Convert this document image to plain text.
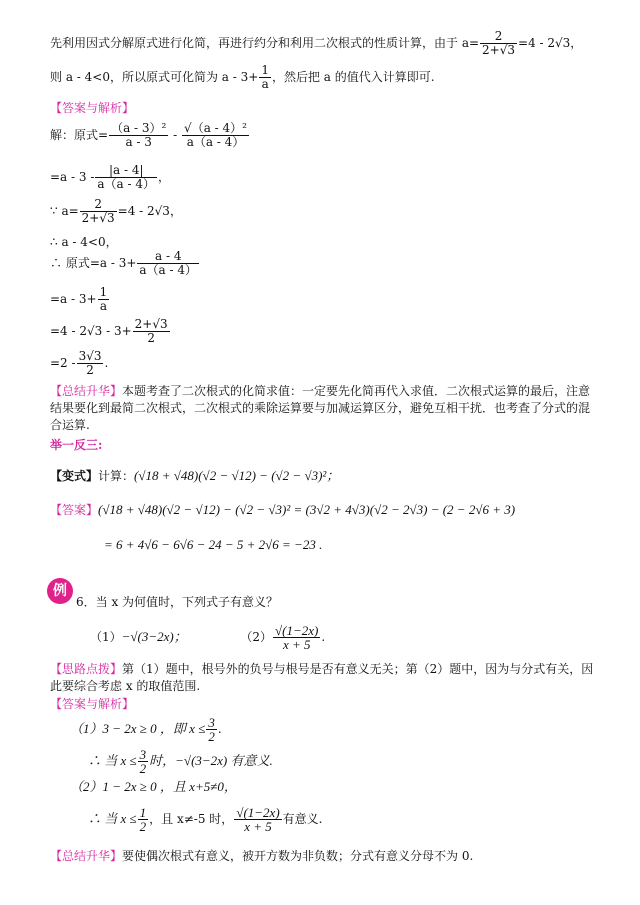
先利用因式分解原式进行化简，再进行约分和利用二次根式的性质计算，由于 $a= \frac{2}{2+√3} =4 - 2√3$，
则 a - 4<0，所以原式可化简为 $a - 3+ \frac{1}{a}$ ，然后把 a 的值代入计算即可.
【答案与解析】
解：原式= $\frac{\text{（a - 3）²}}{a - 3} - \frac{\text{√（a - 4）²}}{a(a - 4)}$
$=a - 3 - \frac{|a - 4|}{a(a - 4)}$ ，
∵ $a= \frac{2}{2+√3} =4 - 2√3$，
∴ a - 4<0，
∴ 原式$=a - 3+ \frac{a - 4}{a(a - 4)}$
$=a - 3+ \frac{1}{a}$
$=4 - 2√3 - 3+ \frac{2+√3}{2}$
$=2 - \frac{3√3}{2}$ .
【总结升华】本题考查了二次根式的化简求值：一定要先化简再代入求值．二次根式运算的最后，注意结果要化到最简二次根式，二次根式的乘除运算要与加减运算区分，避免互相干扰．也考查了分式的混合运算.
举一反三:
【变式】计算：(√18 + √48)(√2 − √12) − (√2 − √3)²；
【答案】(√18 + √48)(√2 − √12) − (√2 − √3)² = (3√2 + 4√3)(√2 − 2√3) − (2 − 2√6 + 3)
= 6 + 4√6 − 6√6 − 24 − 5 + 2√6 = −23 .
例
6．当 x 为何值时，下列式子有意义？
（1）−√(3−2x)；	$(2) \frac{√(1-2x)}{x + 5}$ .
【思路点拨】第（1）题中，根号外的负号与根号是否有意义无关；第（2）题中，因为与分式有关，因此要综合考虑 x 的取值范围.
【答案与解析】
（1）3 − 2x ≥ 0 ，即 $x \le \frac{3}{2}$ .
∴ 当 $x \le \frac{3}{2}$ 时，−√(3−2x) 有意义.
（2）1 − 2x ≥ 0 ，且 x+5≠0，
∴ 当 $x \le \frac{1}{2}$ ，且 x≠-5 时， $\frac{√(1-2x)}{x + 5}$ 有意义.
【总结升华】要使偶次根式有意义，被开方数为非负数；分式有意义分母不为 0.
